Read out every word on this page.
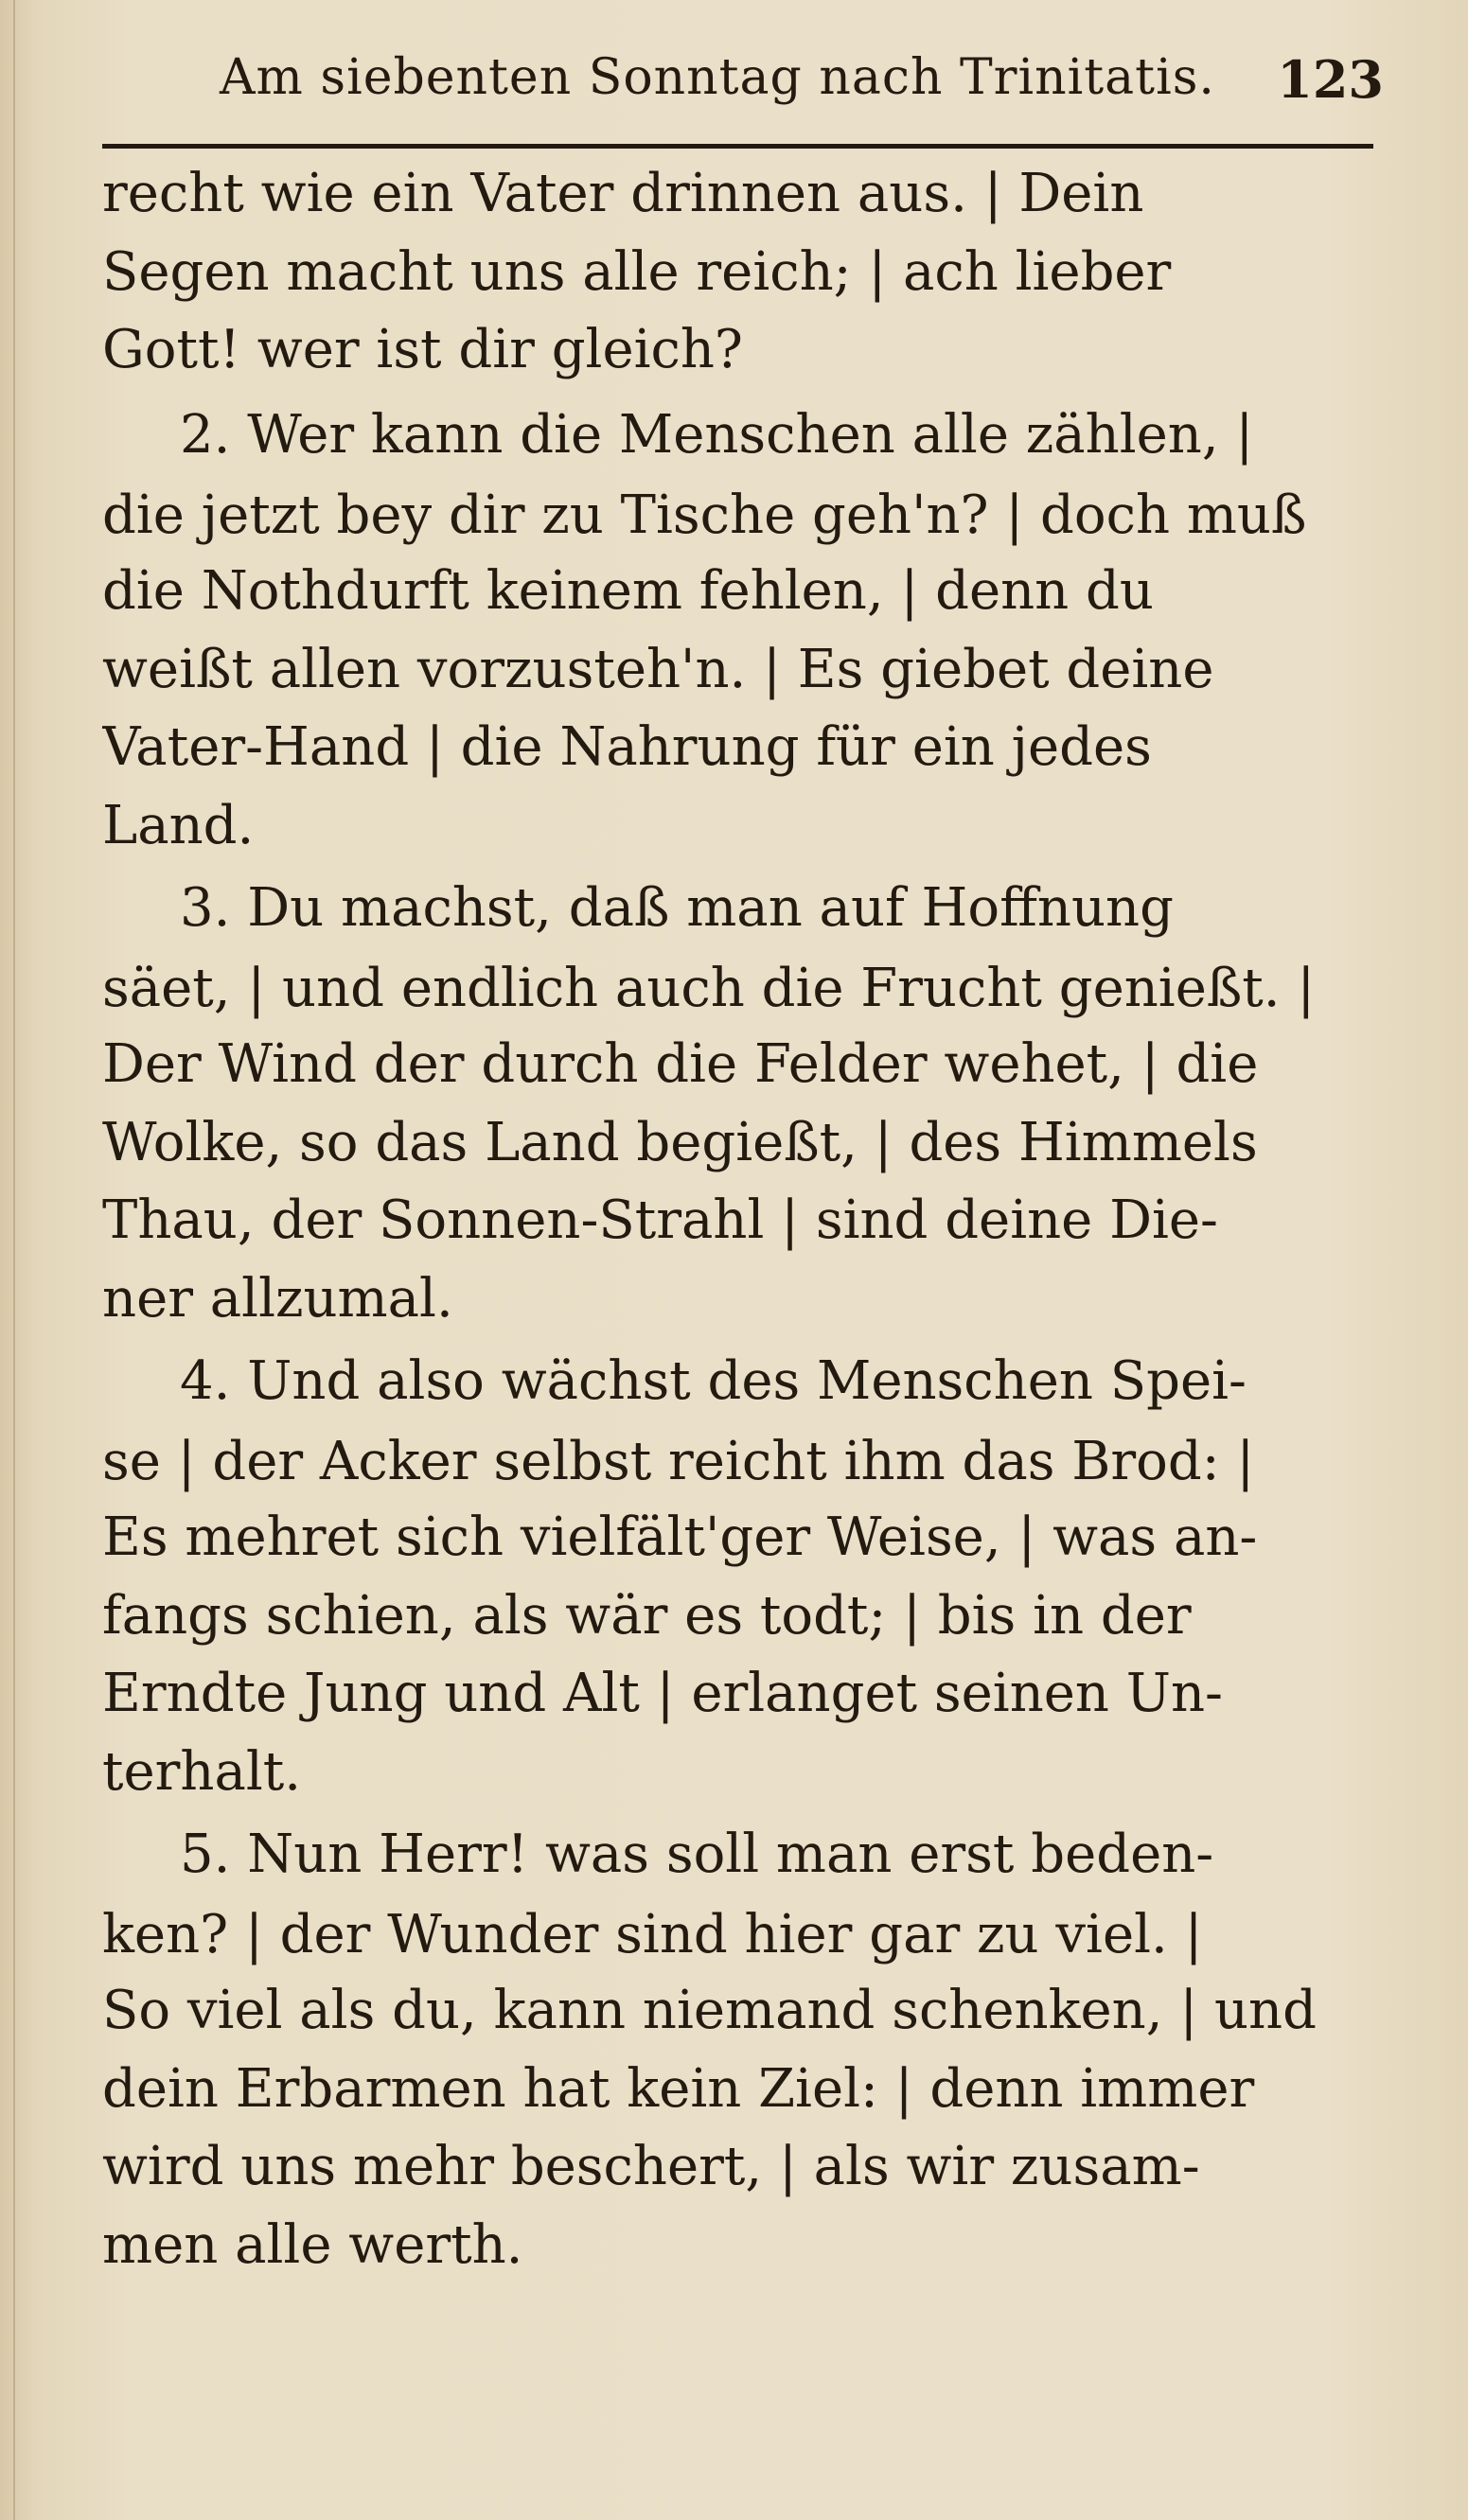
Am siebenten Sonntag nach Trinitatis. 123
recht wie ein Vater drinnen aus. | Dein
Segen macht uns alle reich; | ach lieber
Gott! wer ist dir gleich?
2. Wer kann die Menschen alle zählen, |
die jetzt bey dir zu Tische geh'n? | doch muß
die Nothdurft keinem fehlen, | denn du
weißt allen vorzusteh'n. | Es giebet deine
Vater-Hand | die Nahrung für ein jedes
Land.
3. Du machst, daß man auf Hoffnung
säet, | und endlich auch die Frucht genießt. |
Der Wind der durch die Felder wehet, | die
Wolke, so das Land begießt, | des Himmels
Thau, der Sonnen-Strahl | sind deine Die-
ner allzumal.
4. Und also wächst des Menschen Spei-
se | der Acker selbst reicht ihm das Brod: |
Es mehret sich vielfält'ger Weise, | was an-
fangs schien, als wär es todt; | bis in der
Erndte Jung und Alt | erlanget seinen Un-
terhalt.
5. Nun Herr! was soll man erst beden-
ken? | der Wunder sind hier gar zu viel. |
So viel als du, kann niemand schenken, | und
dein Erbarmen hat kein Ziel: | denn immer
wird uns mehr beschert, | als wir zusam-
men alle werth.
